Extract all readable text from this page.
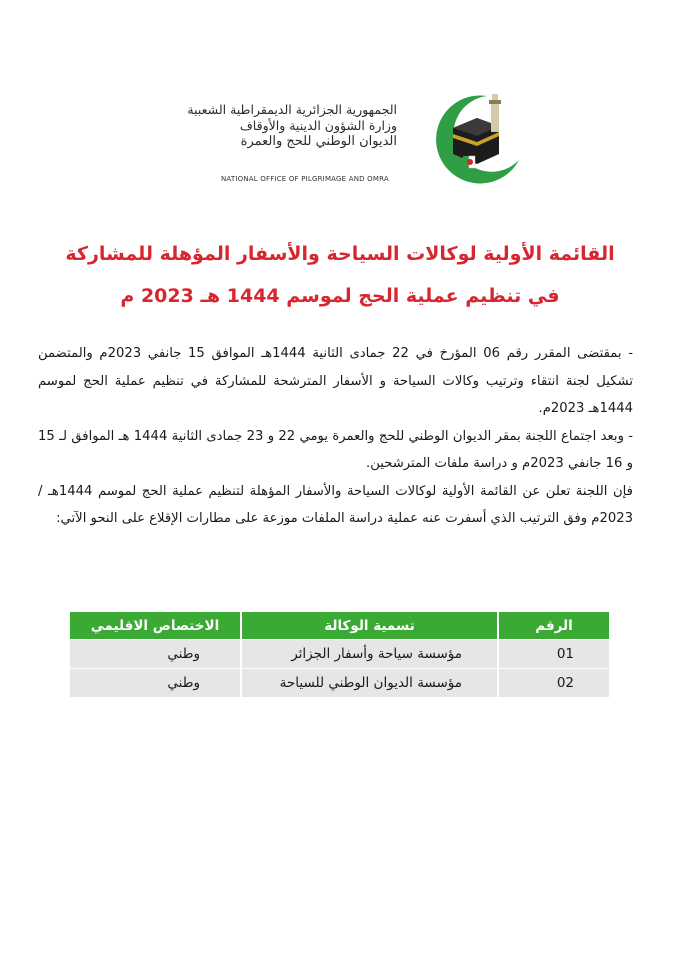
الجمهورية الجزائرية الديمقراطية الشعبية
وزارة الشؤون الدينية والأوقاف
الديوان الوطني للحج والعمرة
NATIONAL OFFICE OF PILGRIMAGE AND OMRA
القائمة الأولية لوكالات السياحة والأسفار المؤهلة للمشاركة
في تنظيم عملية الحج لموسم 1444 هـ 2023 م

- بمقتضى المقرر رقم 06 المؤرخ في 22 جمادى الثانية 1444هـ الموافق 15 جانفي 2023م والمتضمن تشكيل لجنة انتقاء وترتيب وكالات السياحة و الأسفار المترشحة للمشاركة في تنظيم عملية الحج لموسم 1444هـ 2023م.

- وبعد اجتماع اللجنة بمقر الديوان الوطني للحج والعمرة يومي 22 و 23 جمادى الثانية 1444 هـ الموافق لـ 15 و 16 جانفي 2023م و دراسة ملفات المترشحين.

فإن اللجنة تعلن عن القائمة الأولية لوكالات السياحة والأسفار المؤهلة لتنظيم عملية الحج لموسم 1444هـ / 2023م وفق الترتيب الذي أسفرت عنه عملية دراسة الملفات موزعة على مطارات الإقلاع على النحو الآتي:

الرقم	تسمية الوكالة	الاختصاص الاقليمي
01	مؤسسة سياحة وأسفار الجزائر	وطني
02	مؤسسة الديوان الوطني للسياحة	وطني
